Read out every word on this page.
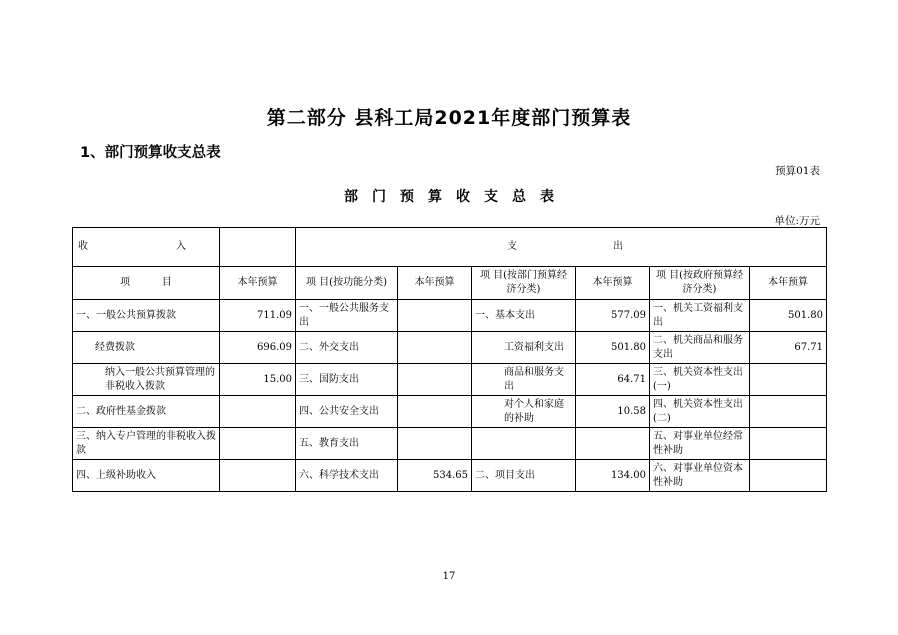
第二部分 县科工局2021年度部门预算表
1、部门预算收支总表
预算01表
部门预算收支总表
单位:万元
收 入		支 出					

项          目	本年预算	项 目(按功能分类)	本年预算	项 目(按部门预算经济分类)	本年预算	项 目(按政府预算经济分类)	本年预算
一、一般公共预算拨款	711.09	一、一般公共服务支出		一、基本支出	577.09	一、机关工资福利支出	501.80
经费拨款	696.09	二、外交支出		工资福利支出	501.80	二、机关商品和服务支出	67.71
纳入一般公共预算管理的非税收入拨款	15.00	三、国防支出		商品和服务支出	64.71	三、机关资本性支出(一)	
二、政府性基金拨款		四、公共安全支出		对个人和家庭的补助	10.58	四、机关资本性支出(二)	
三、纳入专户管理的非税收入拨款		五、教育支出				五、对事业单位经常性补助	
四、上级补助收入		六、科学技术支出	534.65	二、项目支出	134.00	六、对事业单位资本性补助	
17
